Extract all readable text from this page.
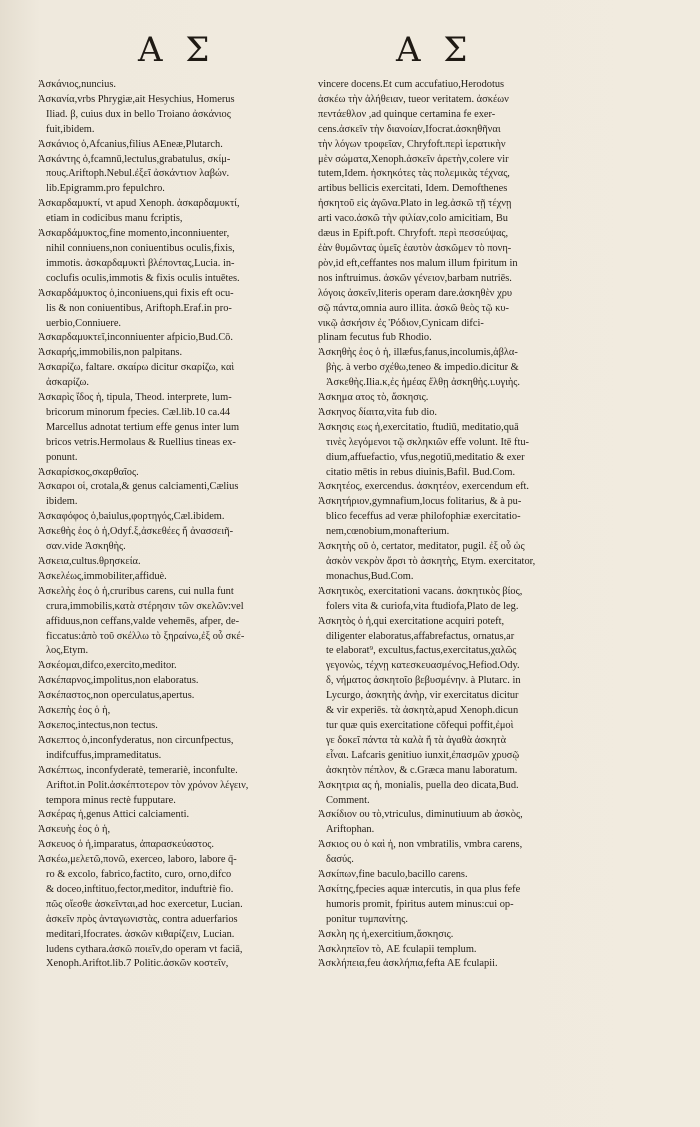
Α Σ	Α Σ
Ἀσκάνιος,nuncius.
Ἀσκανία,vrbs Phrygiæ,ait Hesychius, Homerus
Iliad. β, cuius dux in bello Troiano ἀσκάνιος
fuit,ibidem.
Ἀσκάνιος ὁ,Afcanius,filius AEneæ,Plutarch.
Ἀσκάντης ὁ,fcamnū,lectulus,grabatulus, σκίμ-
πους.Ariftoph.Nebul.ἐξεῖ ἀσκάντιον λαβών.
lib.Epigramm.pro fepulchro.
Ἀσκαρδαμυκτί, vt apud Xenoph. ἀσκαρδαμυκτί,
etiam in codicibus manu fcriptis,
Ἀσκαρδάμυκτος,fine momento,inconniuenter,
nihil conniuens,non coniuentibus oculis,fixis,
immotis. ἀσκαρδαμυκτὶ βλέποντας,Lucia. in-
coclufis oculis,immotis & fixis oculis intuētes.
Ἀσκαρδάμυκτος ὁ,inconiuens,qui fixis eft ocu-
lis & non coniuentibus, Ariftoph.Eraf.in pro-
uerbio,Conniuere.
Ἀσκαρδαμυκτεῖ,inconniuenter afpicio,Bud.Cō.
Ἀσκαρής,immobilis,non palpitans.
Ἀσκαρίζω, faltare. σκαίρω dicitur σκαρίζω, καὶ
ἀσκαρίζω.
Ἀσκαρὶς ἴδος ἡ, tipula, Theod. interprete, lum-
bricorum minorum fpecies. Cæl.lib.10 ca.44
Marcellus adnotat tertium effe genus inter lum
bricos vetris.Hermolaus & Ruellius tineas ex-
ponunt.
Ἀσκαρίσκος,σκαρθαῖος.
Ἀσκαροι οἱ, crotala,& genus calciamenti,Cælius
ibidem.
Ἀσκαφόφος ὁ,baiulus,φορτηγός,Cæl.ibidem.
Ἀσκεθὴς ἑος ὁ ἡ,Odyf.ξ,ἀσκεθέες ἤ ἀνασσειῆ-
σαν.vide Ἀσκηθὴς.
Ἀσκεια,cultus.θρησκεία.
Ἀσκελέως,immobiliter,affiduè.
Ἀσκελὴς ἑος ὁ ἡ,cruribus carens, cui nulla funt
crura,immobilis,κατὰ στέρησιν τῶν σκελῶν:vel
affiduus,non ceffans,valde vehemēs, afper, de-
ficcatus:ἀπὸ τοῦ σκέλλω τὸ ξηραίνω,ἐξ οὗ σκέ-
λος,Etym.
Ἀσκέομαι,difco,exercito,meditor.
Ἀσκέπαρνος,impolitus,non elaboratus.
Ἀσκέπαστος,non operculatus,apertus.
Ἀσκεπὴς ἑος ὁ ἡ,
Ἀσκεπος,intectus,non tectus.
Ἀσκεπτος ὁ,inconfyderatus, non circunfpectus,
indifcuffus,imprameditatus.
Ἀσκέπτως, inconfyderatè, temerariè, inconfulte.
Ariftot.in Polit.ἀσκέπτοτερον τὸν χρόνον λέγειν,
tempora minus rectè fupputare.
Ἀσκέρας ἡ,genus Attici calciamenti.
Ἀσκευὴς ἑος ὁ ἡ,
Ἀσκευος ὁ ἡ,imparatus, ἀπαρασκεύαστος.
Ἀσκέω,μελετῶ,πονῶ, exerceo, laboro, labore q̄-
ro & excolo, fabrico,factito, curo, orno,difco
& doceo,inftituo,fector,meditor, induftriè fio.
πῶς οἴεσθε ἀσκεῖνται,ad hoc exercetur, Lucian.
ἀσκεῖν πρὸς ἀνταγωνιστὰς, contra aduerfarios
meditari,Ifocrates. ἀσκῶν κιθαρίζειν, Lucian.
ludens cythara.ἀσκῶ ποιεῖν,do operam vt faciā,
Xenoph.Ariftot.lib.7 Politic.ἀσκῶν κοστεῖν,
vincere docens.Et cum accufatiuo,Herodotus
ἀσκέω τὴν ἀλήθειαν, tueor veritatem. ἀσκέων
πεντάεθλον ,ad quinque certamina fe exer-
cens.ἀσκεῖν τὴν διανοίαν,Ifocrat.ἀσκηθῆναι
τὴν λόγων τροφεῖαν, Chryfoft.περὶ ἱερατικὴν
μὲν σώματα,Xenoph.ἀσκεῖν ἀρετὴν,colere vir
tutem,Idem. ἠσκηκότες τὰς πολεμικὰς τέχνας,
artibus bellicis exercitati, Idem. Demofthenes
ἠσκητοῦ εἰς ἀγῶνα.Plato in leg.ἀσκῶ τῇ τέχνῃ
arti vaco.ἀσκῶ τὴν φιλίαν,colo amicitiam, Bu
dæus in Epift.poft. Chryfoft. περὶ πεσσεύψας,
ἐὰν θυμῶντας ὑμεῖς ἑαυτὸν ἀσκῶμεν τὸ πονη-
ρὸν,id eft,ceffantes nos malum illum fpiritum in
nos inftruimus. ἀσκῶν γένειον,barbam nutriēs.
λόγοις ἀσκεῖν,literis operam dare.ἀσκηθὲν χρυ
σῷ πάντα,omnia auro illita. ἀσκῶ θεὸς τῷ κυ-
νικῷ ἀσκήσιν ἐς Ῥόδιον,Cynicam difci-
plinam fecutus fub Rhodio.
Ἀσκηθὴς ἑος ὁ ἡ, illæfus,fanus,incolumis,ἀβλα-
βὴς. à verbo σχέθω,teneo & impedio.dicitur &
Ἀσκεθὴς.Ilia.κ,ἐς ἡμέας ἔλθῃ ἀσκηθὴς.ι.υγιὴς.
Ἀσκημα ατος τὸ, ἄσκησις.
Ἀσκηνος δίαιτα,vita fub dio.
Ἀσκησις εως ἡ,exercitatio, ftudiū, meditatio,quā
τινὲς λεγόμενοι τῷ σκληκιῶν effe volunt. Itē ftu-
dium,affuefactio, vfus,negotiū,meditatio & exer
citatio mētis in rebus diuinis,Bafil. Bud.Com.
Ἀσκητέος, exercendus. ἀσκητέον, exercendum eft.
Ἀσκητήριον,gymnafium,locus folitarius, & à pu-
blico feceffus ad veræ philofophiæ exercitatio-
nem,cœnobium,monafterium.
Ἀσκητὴς οῦ ὁ, certator, meditator, pugil. ἐξ οὗ ὡς
ἀσκὸν νεκρὸν ἄρσι τὸ ἀσκητὴς, Etym. exercitator,
monachus,Bud.Com.
Ἀσκητικὸς, exercitationi vacans. ἀσκητικὸς βίος,
folers vita & curiofa,vita ftudiofa,Plato de leg.
Ἀσκητὸς ὁ ἡ,qui exercitatione acquiri poteft,
diligenter elaboratus,affabrefactus, ornatus,ar
te elaborat⁹, excultus,factus,exercitatus,χαλῶς
γεγονὼς, τέχνῃ κατεσκευασμένος,Hefiod.Ody.
δ, νήματος ἀσκητοῖο βεβυσμένην. à Plutarc. in
Lycurgo, ἀσκητὴς ἀνὴρ, vir exercitatus dicitur
& vir experiēs. τὰ ἀσκητὰ,apud Xenoph.dicun
tur quæ quis exercitatione cōfequi poffit,ἐμοὶ
γε δοκεῖ πάντα τὰ καλὰ ἤ τὰ ἀγαθὰ ἀσκητὰ
εἶναι. Lafcaris genitiuo iunxit,ἐπασμῶν χρυσῷ
ἀσκητὸν πέπλον, & c.Græca manu laboratum.
Ἀσκητρια ας ἡ, monialis, puella deo dicata,Bud.
Comment.
Ἀσκίδιον ου τὸ,vtriculus, diminutiuum ab ἀσκὸς,
Ariftophan.
Ἀσκιος ου ὁ καὶ ἡ, non vmbratilis, vmbra carens,
δασύς.
Ἀσκίπων,fine baculo,bacillo carens.
Ἀσκίτης,fpecies aquæ intercutis, in qua plus fefe
humoris promit, fpiritus autem minus:cui op-
ponitur τυμπανίτης.
Ἀσκλη ης ἡ,exercitium,ἄσκησις.
Ἀσκληπεῖον τὸ, AE fculapii templum.
Ἀσκλήπεια,feu ἀσκλήπια,fefta AE fculapii.
